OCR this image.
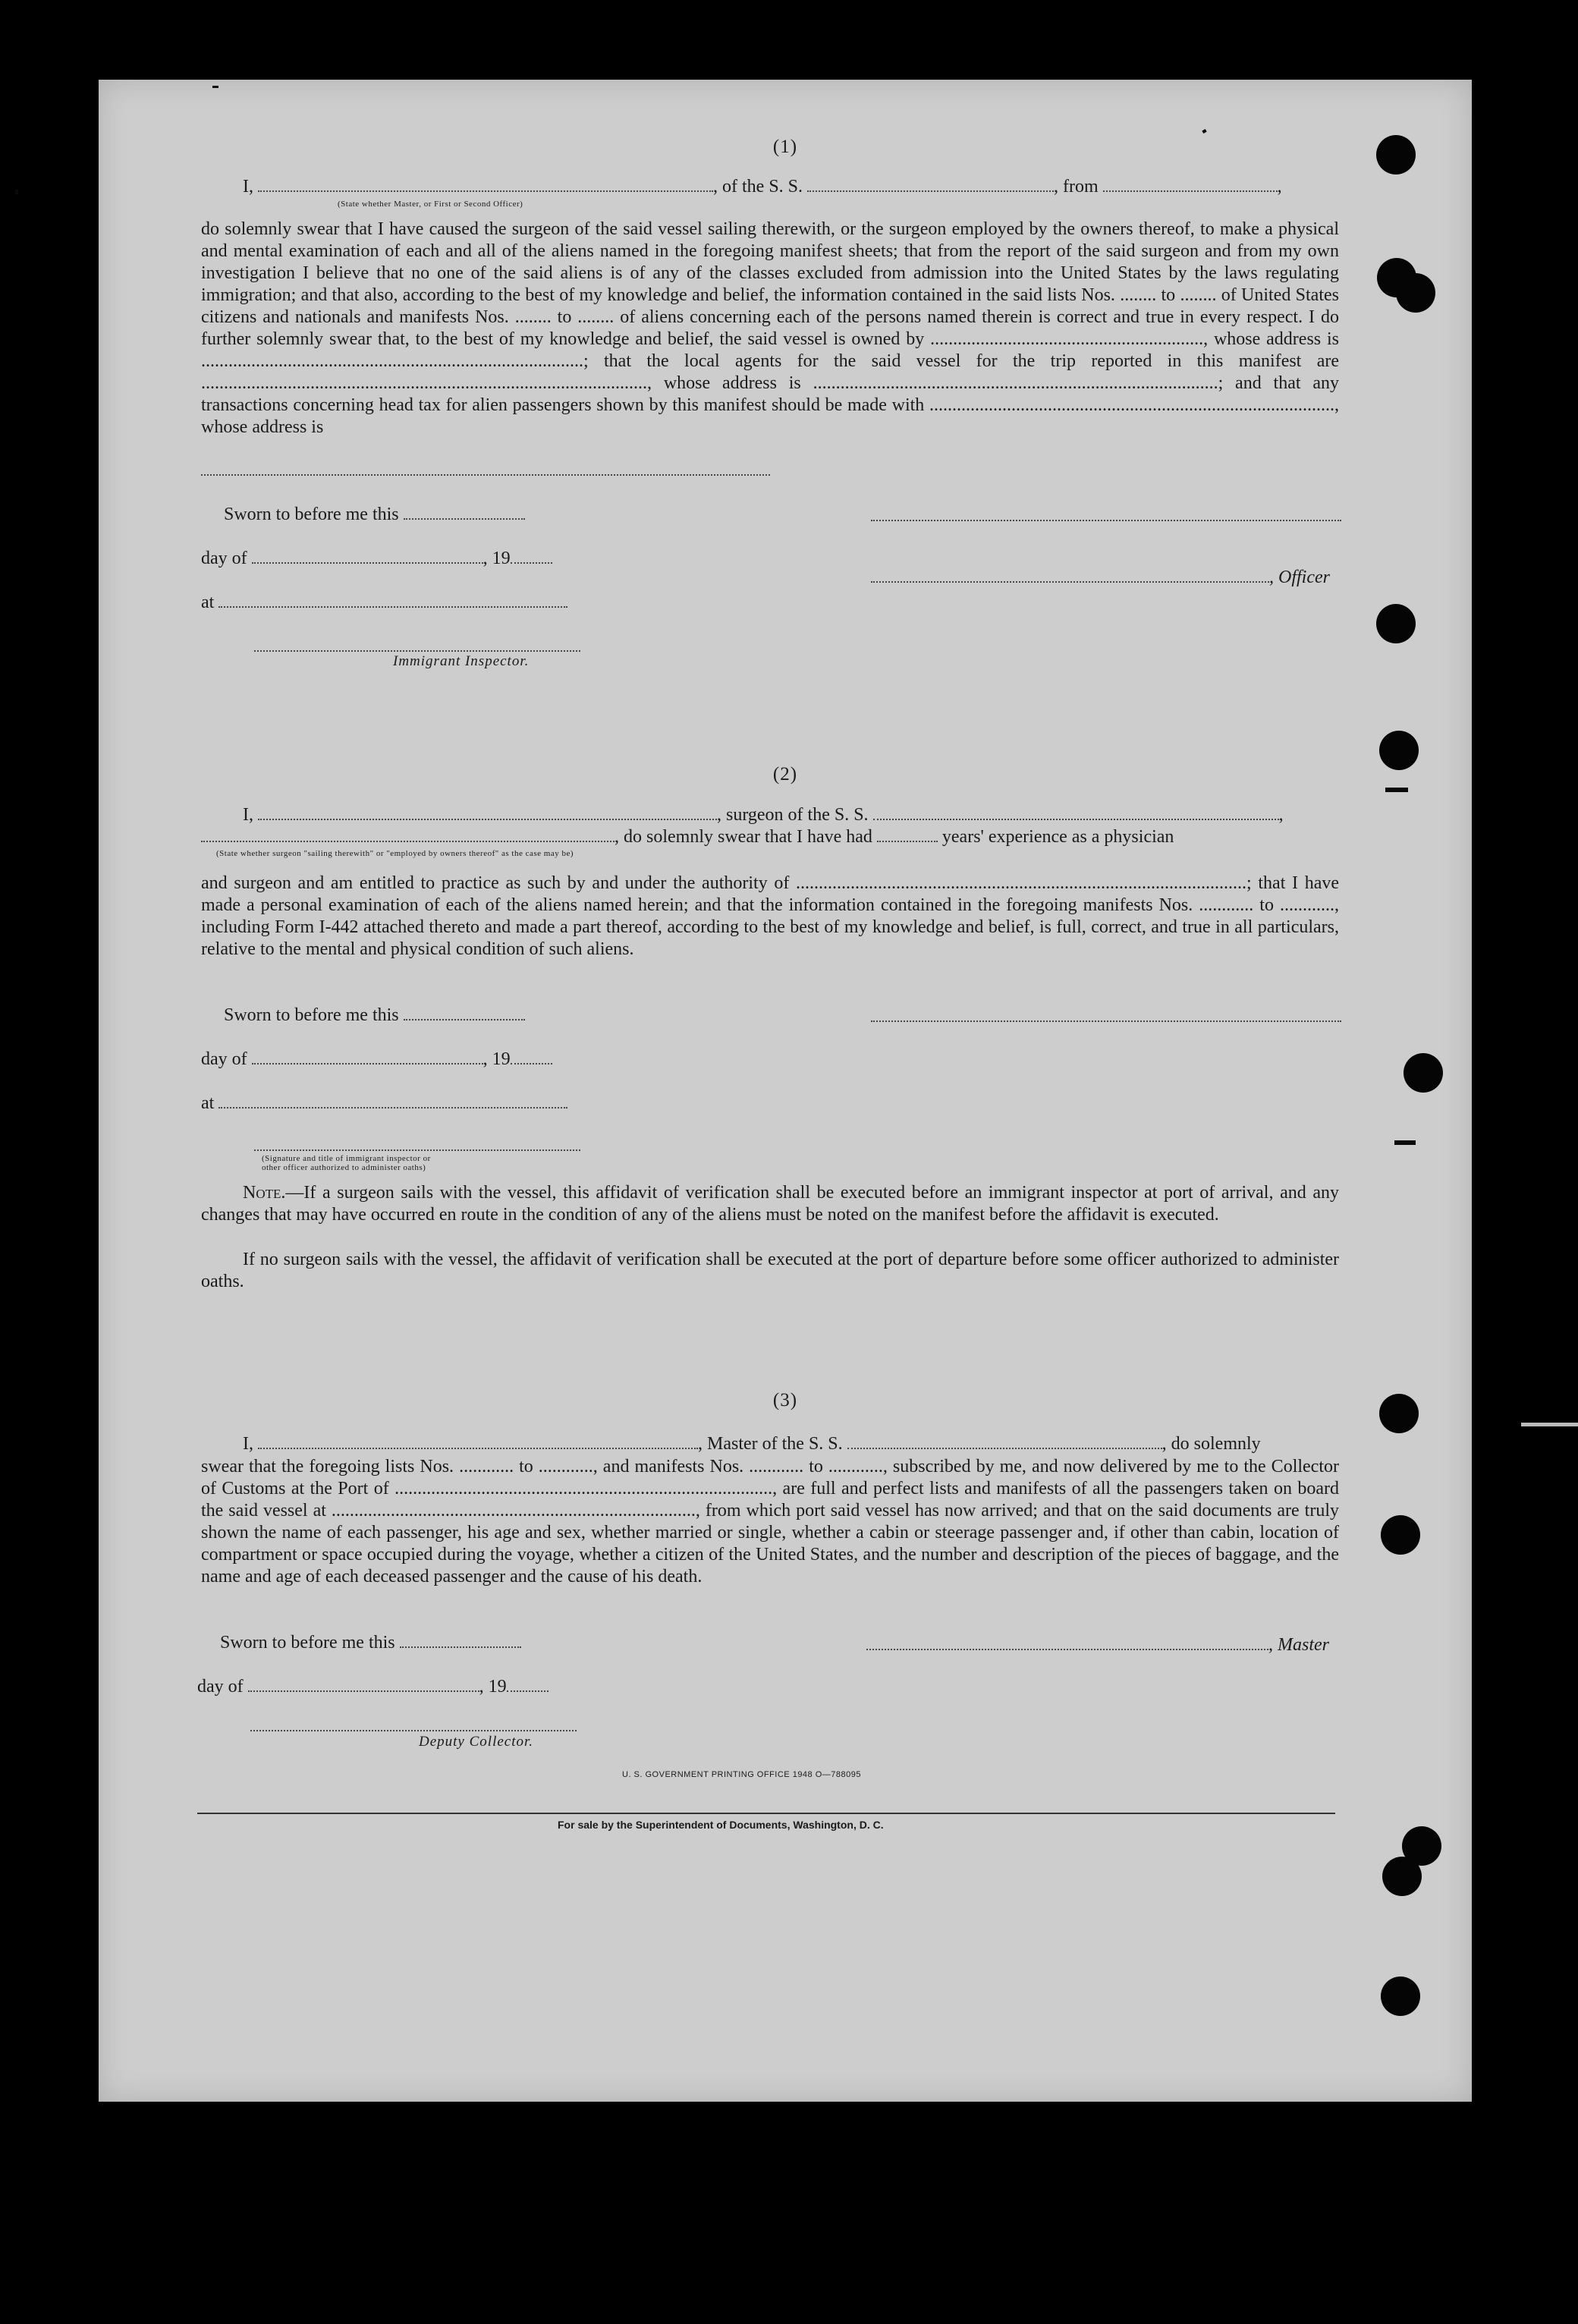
(1)
I,	, of the S. S.	, from	,
(State whether Master, or First or Second Officer)
do solemnly swear that I have caused the surgeon of the said vessel sailing therewith, or the surgeon employed by the owners thereof, to make a physical and mental examination of each and all of the aliens named in the foregoing manifest sheets; that from the report of the said surgeon and from my own investigation I believe that no one of the said aliens is of any of the classes excluded from admission into the United States by the laws regulating immigration; and that also, according to the best of my knowledge and belief, the information contained in the said lists Nos. ........ to ........ of United States citizens and nationals and manifests Nos. ........ to ........ of aliens concerning each of the persons named therein is correct and true in every respect. I do further solemnly swear that, to the best of my knowledge and belief, the said vessel is owned by ............................................................, whose address is ....................................................................................; that the local agents for the said vessel for the trip reported in this manifest are .................................................................................................., whose address is .........................................................................................; and that any transactions concerning head tax for alien passengers shown by this manifest should be made with ........................................................................................., whose address is
Sworn to before me this
day of	, 19
, Officer
at
Immigrant Inspector.
(2)
I,	, surgeon of the S. S.	,
, do solemnly swear that I have had	years' experience as a physician
(State whether surgeon "sailing therewith" or "employed by owners thereof" as the case may be)
and surgeon and am entitled to practice as such by and under the authority of ...................................................................................................; that I have made a personal examination of each of the aliens named herein; and that the information contained in the foregoing manifests Nos. ............ to ............, including Form I-442 attached thereto and made a part thereof, according to the best of my knowledge and belief, is full, correct, and true in all particulars, relative to the mental and physical condition of such aliens.
Sworn to before me this
day of	, 19
at
(Signature and title of immigrant inspector or
other officer authorized to administer oaths)
Note.—If a surgeon sails with the vessel, this affidavit of verification shall be executed before an immigrant inspector at port of arrival, and any changes that may have occurred en route in the condition of any of the aliens must be noted on the manifest before the affidavit is executed.
If no surgeon sails with the vessel, the affidavit of verification shall be executed at the port of departure before some officer authorized to administer oaths.
(3)
I,	, Master of the S. S.	, do solemnly
swear that the foregoing lists Nos. ............ to ............, and manifests Nos. ............ to ............, subscribed by me, and now delivered by me to the Collector of Customs at the Port of ..................................................................................., are full and perfect lists and manifests of all the passengers taken on board the said vessel at ................................................................................, from which port said vessel has now arrived; and that on the said documents are truly shown the name of each passenger, his age and sex, whether married or single, whether a cabin or steerage passenger and, if other than cabin, location of compartment or space occupied during the voyage, whether a citizen of the United States, and the number and description of the pieces of baggage, and the name and age of each deceased passenger and the cause of his death.
Sworn to before me this	, Master
day of	, 19
Deputy Collector.
U. S. GOVERNMENT PRINTING OFFICE 1948 O—788095
For sale by the Superintendent of Documents, Washington, D. C.
